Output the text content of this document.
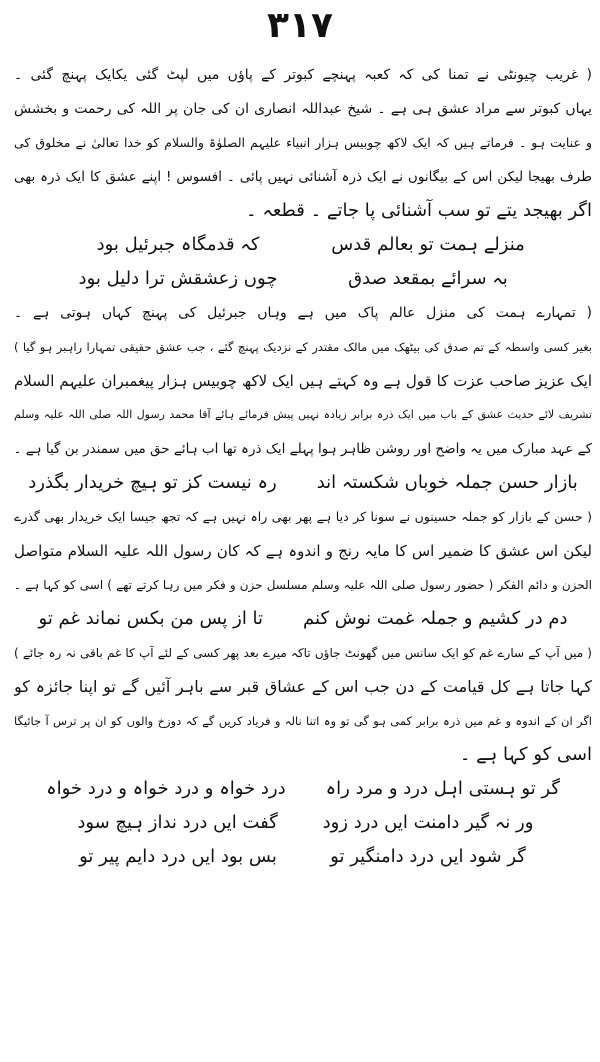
۳۱۷
( غریب چیونٹی نے تمنا کی کہ کعبہ پہنچے کبوتر کے پاؤں میں لپٹ گئی یکایک پہنچ گئی ۔
یہاں کبوتر سے مراد عشق ہی ہے ۔ شیخ عبداللہ انصاری ان کی جان پر اللہ کی رحمت و بخشش
و عنایت ہو ۔ فرماتے ہیں کہ ایک لاکھ چوبیس ہزار انبیاء علیہم الصلوٰۃ والسلام کو خدا تعالیٰ نے مخلوق کی
طرف بھیجا لیکن اس کے بیگانوں نے ایک ذرہ آشنائی نہیں پائی ۔ افسوس ! اپنے عشق کا ایک ذرہ بھی
اگر بھیجد یتے تو سب آشنائی پا جاتے ۔ قطعہ ۔
منزلے ہمت تو بعالم قدس
کہ قدمگاہ جبرئیل بود
بہ سرائے بمقعد صدق
چوں زعشقش ترا دلیل بود
( تمہارے ہمت کی منزل عالم پاک میں ہے وہاں جبرئیل کی پہنچ کہاں ہوتی ہے ۔
بغیر کسی واسطہ کے تم صدق کی بیٹھک میں مالک مقتدر کے نزدیک پہنچ گئے ، جب عشق حقیقی تمہارا راہبر ہو گیا )
ایک عزیز صاحب عزت کا قول ہے وہ کہتے ہیں ایک لاکھ چوبیس ہزار پیغمبران علیہم السلام
تشریف لائے حدیث عشق کے باب میں ایک ذرہ برابر زیادہ نہیں پیش فرمائے ہائے آقا محمد رسول اللہ صلی اللہ علیہ وسلم
کے عہد مبارک میں یہ واضح اور روشن ظاہر ہوا پہلے ایک ذرہ تھا اب ہائے حق میں سمندر بن گیا ہے ۔
بازار حسن جملہ خوباں شکستہ اند
رہ نیست کز تو ہیچ خریدار بگذرد
( حسن کے بازار کو جملہ حسینوں نے سونا کر دیا ہے پھر بھی راہ نہیں ہے کہ تجھ جیسا ایک خریدار بھی گذرے
لیکن اس عشق کا ضمیر اس کا مایہ رنج و اندوہ ہے کہ کان رسول اللہ علیہ السلام متواصل
الحزن و دائم الفکر ( حضور رسول صلی اللہ علیہ وسلم مسلسل حزن و فکر میں رہا کرتے تھے ) اسی کو کہا ہے ۔
دم در کشیم و جملہ غمت نوش کنم
تا از پس من بکس نماند غم تو
( میں آپ کے سارے غم کو ایک سانس میں گھونٹ جاؤں تاکہ میرے بعد پھر کسی کے لئے آپ کا غم باقی نہ رہ جائے )
کہا جاتا ہے کل قیامت کے دن جب اس کے عشاق قبر سے باہر آئیں گے تو اپنا جائزہ کو
اگر ان کے اندوہ و غم میں ذرہ برابر کمی ہو گی تو وہ اتنا نالہ و فریاد کریں گے کہ دوزخ والوں کو ان پر ترس آ جائیگا
اسی کو کہا ہے ۔
گر تو ہستی اہل درد و مرد راہ
درد خواہ و درد خواہ و درد خواہ
ور نہ گیر دامنت ایں درد زود
گفت ایں درد نداز ہیچ سود
گر شود ایں درد دامنگیر تو
بس بود ایں درد دایم پیر تو
